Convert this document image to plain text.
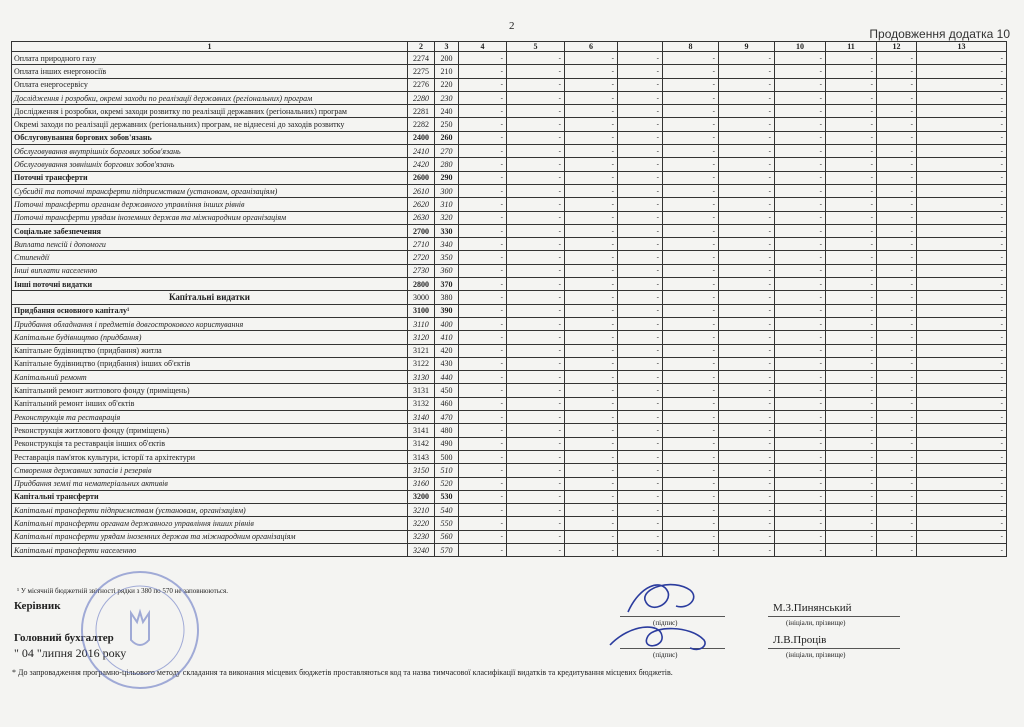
2
Продовження додатка 10
1	2	3	4	5	6		8	9	10	11	12	13
Оплата природного газу	2274	200	-	-	-	-	-	-	-	-	-	-
Оплата інших енергоносіїв	2275	210	-	-	-	-	-	-	-	-	-	-
Оплата енергосервісу	2276	220	-	-	-	-	-	-	-	-	-	-
Дослідження і розробки, окремі заходи по реалізації державних (регіональних) програм	2280	230	-	-	-	-	-	-	-	-	-	-
Дослідження і розробки, окремі заходи розвитку по реалізації державних (регіональних) програм	2281	240	-	-	-	-	-	-	-	-	-	-
Окремі заходи по реалізації державних (регіональних) програм, не віднесені до заходів розвитку	2282	250	-	-	-	-	-	-	-	-	-	-
Обслуговування боргових зобов'язань	2400	260	-	-	-	-	-	-	-	-	-	-
Обслуговування внутрішніх боргових зобов'язань	2410	270	-	-	-	-	-	-	-	-	-	-
Обслуговування зовнішніх боргових зобов'язань	2420	280	-	-	-	-	-	-	-	-	-	-
Поточні трансферти	2600	290	-	-	-	-	-	-	-	-	-	-
Субсидії та поточні трансферти підприємствам (установам, організаціям)	2610	300	-	-	-	-	-	-	-	-	-	-
Поточні трансферти органам державного управління інших рівнів	2620	310	-	-	-	-	-	-	-	-	-	-
Поточні трансферти урядам іноземних держав та міжнародним організаціям	2630	320	-	-	-	-	-	-	-	-	-	-
Соціальне забезпечення	2700	330	-	-	-	-	-	-	-	-	-	-
Виплата пенсій і допомоги	2710	340	-	-	-	-	-	-	-	-	-	-
Стипендії	2720	350	-	-	-	-	-	-	-	-	-	-
Інші виплати населенню	2730	360	-	-	-	-	-	-	-	-	-	-
Інші поточні видатки	2800	370	-	-	-	-	-	-	-	-	-	-
Капітальні видатки	3000	380	-	-	-	-	-	-	-	-	-	-
Придбання основного капіталу¹	3100	390	-	-	-	-	-	-	-	-	-	-
Придбання обладнання і предметів довгострокового користування	3110	400	-	-	-	-	-	-	-	-	-	-
Капітальне будівництво (придбання)	3120	410	-	-	-	-	-	-	-	-	-	-
Капітальне будівництво (придбання) житла	3121	420	-	-	-	-	-	-	-	-	-	-
Капітальне будівництво (придбання) інших об'єктів	3122	430	-	-	-	-	-	-	-	-	-	-
Капітальний ремонт	3130	440	-	-	-	-	-	-	-	-	-	-
Капітальний ремонт житлового фонду (приміщень)	3131	450	-	-	-	-	-	-	-	-	-	-
Капітальний ремонт інших об'єктів	3132	460	-	-	-	-	-	-	-	-	-	-
Реконструкція та реставрація	3140	470	-	-	-	-	-	-	-	-	-	-
Реконструкція житлового фонду (приміщень)	3141	480	-	-	-	-	-	-	-	-	-	-
Реконструкція та реставрація інших об'єктів	3142	490	-	-	-	-	-	-	-	-	-	-
Реставрація пам'яток культури, історії та архітектури	3143	500	-	-	-	-	-	-	-	-	-	-
Створення державних запасів і резервів	3150	510	-	-	-	-	-	-	-	-	-	-
Придбання землі та нематеріальних активів	3160	520	-	-	-	-	-	-	-	-	-	-
Капітальні трансферти	3200	530	-	-	-	-	-	-	-	-	-	-
Капітальні трансферти підприємствам (установам, організаціям)	3210	540	-	-	-	-	-	-	-	-	-	-
Капітальні трансферти органам державного управління інших рівнів	3220	550	-	-	-	-	-	-	-	-	-	-
Капітальні трансферти урядам іноземних держав та міжнародним організаціям	3230	560	-	-	-	-	-	-	-	-	-	-
Капітальні трансферти населенню	3240	570	-	-	-	-	-	-	-	-	-	-
¹ У місячній бюджетній звітності рядки з 380 по 570 не заповнюються.
Керівник
Головний бухгалтер
" 04 "липня 2016 року
М.З.Пинянський
(ініціали, прізвище)
(підпис)
Л.В.Проців
(ініціали, прізвище)
(підпис)
* До запровадження програмно-цільового методу складання та виконання місцевих бюджетів проставляються код та назва тимчасової класифікації видатків та кредитування місцевих бюджетів.
